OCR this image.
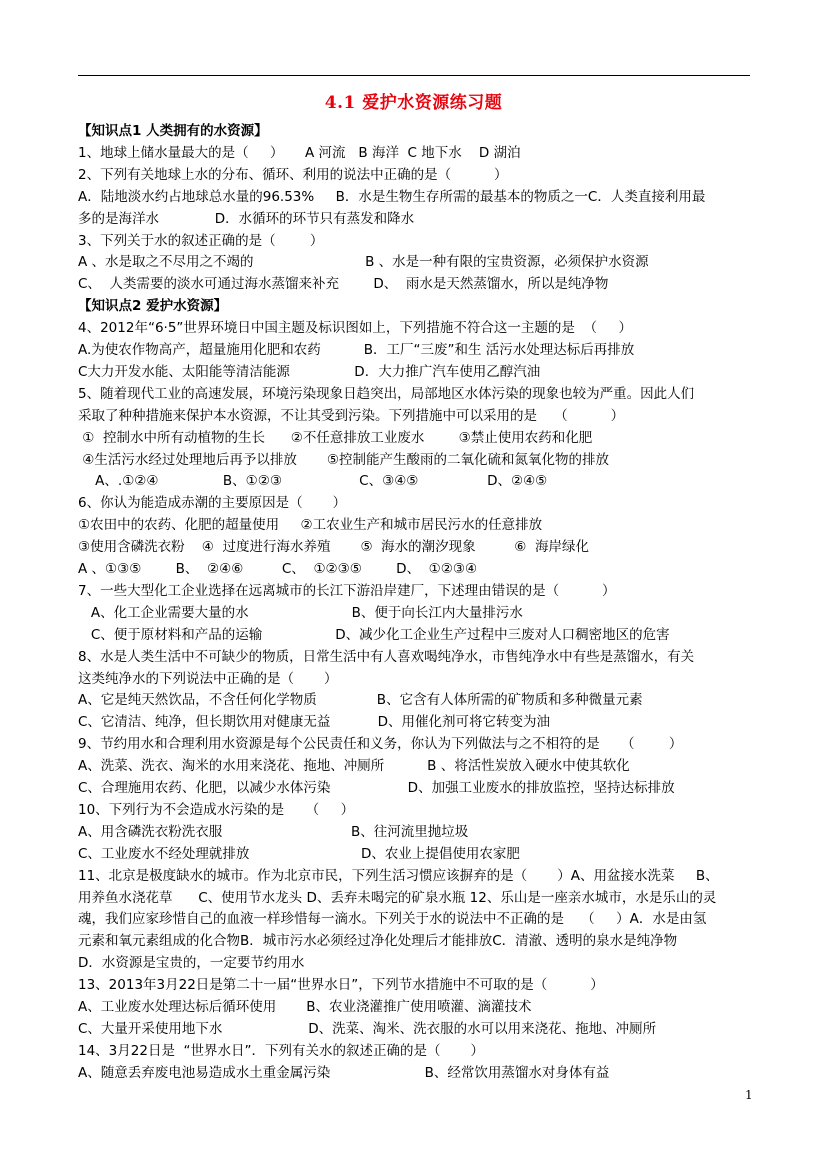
4.1 爱护水资源练习题
【知识点1 人类拥有的水资源】
1、地球上储水量最大的是（     ）     A 河流   B 海洋  C 地下水    D 湖泊
2、下列有关地球上水的分布、循环、利用的说法中正确的是（          ）
A．陆地淡水约占地球总水量的96.53%     B．水是生物生存所需的最基本的物质之一C．人类直接利用最
多的是海洋水             D．水循环的环节只有蒸发和降水
3、下列关于水的叙述正确的是（        ）
A 、水是取之不尽用之不竭的                          B 、水是一种有限的宝贵资源，必须保护水资源
C、  人类需要的淡水可通过海水蒸馏来补充        D、  雨水是天然蒸馏水，所以是纯净物
【知识点2 爱护水资源】
4、2012年“6·5”世界环境日中国主题及标识图如上，下列措施不符合这一主题的是  （     ）
A.为使农作物高产，超量施用化肥和农药          B．工厂“三废”和生 活污水处理达标后再排放
C大力开发水能、太阳能等清洁能源               D．大力推广汽车使用乙醇汽油
5、随着现代工业的高速发展，环境污染现象日趋突出，局部地区水体污染的现象也较为严重。因此人们
采取了种种措施来保护本水资源，不让其受到污染。下列措施中可以采用的是    （          ）
①  控制水中所有动植物的生长      ②不任意排放工业废水        ③禁止使用农药和化肥
④生活污水经过处理地后再予以排放       ⑤控制能产生酸雨的二氧化硫和氮氧化物的排放
A、.①②④               B、①②③                  C、③④⑤                D、②④⑤
6、你认为能造成赤潮的主要原因是（       ）
①农田中的农药、化肥的超量使用     ②工农业生产和城市居民污水的任意排放
③使用含磷洗衣粉    ④  过度进行海水养殖       ⑤  海水的潮汐现象         ⑥  海岸绿化
A 、①③⑤        B、  ②④⑥         C、  ①②③⑤        D、  ①②③④
7、一些大型化工企业选择在远离城市的长江下游沿岸建厂，下述理由错误的是（          ）
A、化工企业需要大量的水                        B、便于向长江内大量排污水
C、便于原材料和产品的运输                 D、减少化工企业生产过程中三废对人口稠密地区的危害
8、水是人类生活中不可缺少的物质，日常生活中有人喜欢喝纯净水，市售纯净水中有些是蒸馏水，有关
这类纯净水的下列说法中正确的是（       ）
A、它是纯天然饮品，不含任何化学物质              B、它含有人体所需的矿物质和多种微量元素
C、它清洁、纯净，但长期饮用对健康无益           D、用催化剂可将它转变为油
9、节约用水和合理利用水资源是每个公民责任和义务，你认为下列做法与之不相符的是     （        ）
A、洗菜、洗衣、淘米的水用来浇花、拖地、冲厕所          B 、将活性炭放入硬水中使其软化
C、合理施用农药、化肥，以减少水体污染                  D、加强工业废水的排放监控，坚持达标排放
10、下列行为不会造成水污染的是     （     ）
A、用含磷洗衣粉洗衣服                              B、往河流里抛垃圾
C、工业废水不经处理就排放                          D、农业上提倡使用农家肥
11、北京是极度缺水的城市。作为北京市民，下列生活习惯应该摒弃的是（       ）A、用盆接水洗菜     B、
用养鱼水浇花草      C、使用节水龙头 D、丢弃未喝完的矿泉水瓶 12、乐山是一座亲水城市，水是乐山的灵
魂，我们应家珍惜自己的血液一样珍惜每一滴水。下列关于水的说法中不正确的是    （     ）A．水是由氢
元素和氧元素组成的化合物B．城市污水必须经过净化处理后才能排放C．清澈、透明的泉水是纯净物
D．水资源是宝贵的，一定要节约用水
13、2013年3月22日是第二十一届“世界水日”，下列节水措施中不可取的是（          ）
A、工业废水处理达标后循环使用       B、农业浇灌推广使用喷灌、滴灌技术
C、大量开采使用地下水                    D、洗菜、淘米、洗衣服的水可以用来浇花、拖地、冲厕所
14、3月22日是  “世界水日”．下列有关水的叙述正确的是（       ）
A、随意丢弃废电池易造成水土重金属污染                      B、经常饮用蒸馏水对身体有益
1
